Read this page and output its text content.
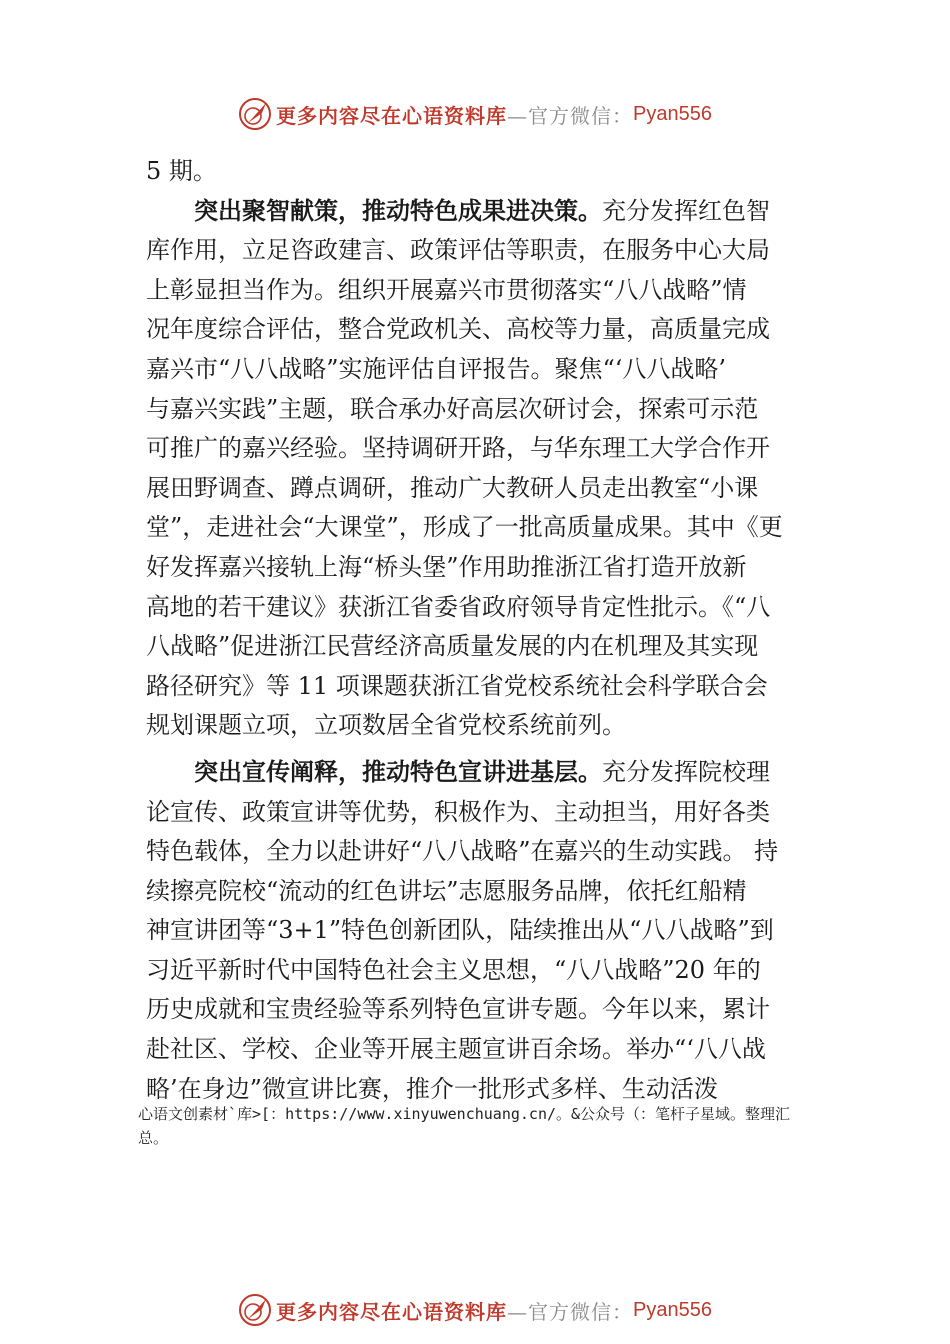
更多内容尽在心语资料库 —官方微信： Pyan556
5 期。
突出聚智献策，推动特色成果进决策。充分发挥红色智
库作用，立足咨政建言、政策评估等职责，在服务中心大局
上彰显担当作为。组织开展嘉兴市贯彻落实“八八战略”情
况年度综合评估，整合党政机关、高校等力量，高质量完成
嘉兴市“八八战略”实施评估自评报告。聚焦“‘八八战略’
与嘉兴实践”主题，联合承办好高层次研讨会，探索可示范
可推广的嘉兴经验。坚持调研开路，与华东理工大学合作开
展田野调查、蹲点调研，推动广大教研人员走出教室“小课
堂”，走进社会“大课堂”，形成了一批高质量成果。其中《更
好发挥嘉兴接轨上海“桥头堡”作用助推浙江省打造开放新
高地的若干建议》获浙江省委省政府领导肯定性批示。《“八
八战略”促进浙江民营经济高质量发展的内在机理及其实现
路径研究》等 11 项课题获浙江省党校系统社会科学联合会
规划课题立项，立项数居全省党校系统前列。
突出宣传阐释，推动特色宣讲进基层。充分发挥院校理
论宣传、政策宣讲等优势，积极作为、主动担当，用好各类
特色载体，全力以赴讲好“八八战略”在嘉兴的生动实践。 持
续擦亮院校“流动的红色讲坛”志愿服务品牌，依托红船精
神宣讲团等“3+1”特色创新团队，陆续推出从“八八战略”到
习近平新时代中国特色社会主义思想，“八八战略”20 年的
历史成就和宝贵经验等系列特色宣讲专题。今年以来，累计
赴社区、学校、企业等开展主题宣讲百余场。举办“‘八八战
略’在身边”微宣讲比赛，推介一批形式多样、生动活泼
心语文创素材`库>[：https://www.xinyuwenchuang.cn/。&公众号（：笔杆子星域。整理汇
总。
更多内容尽在心语资料库 —官方微信： Pyan556
